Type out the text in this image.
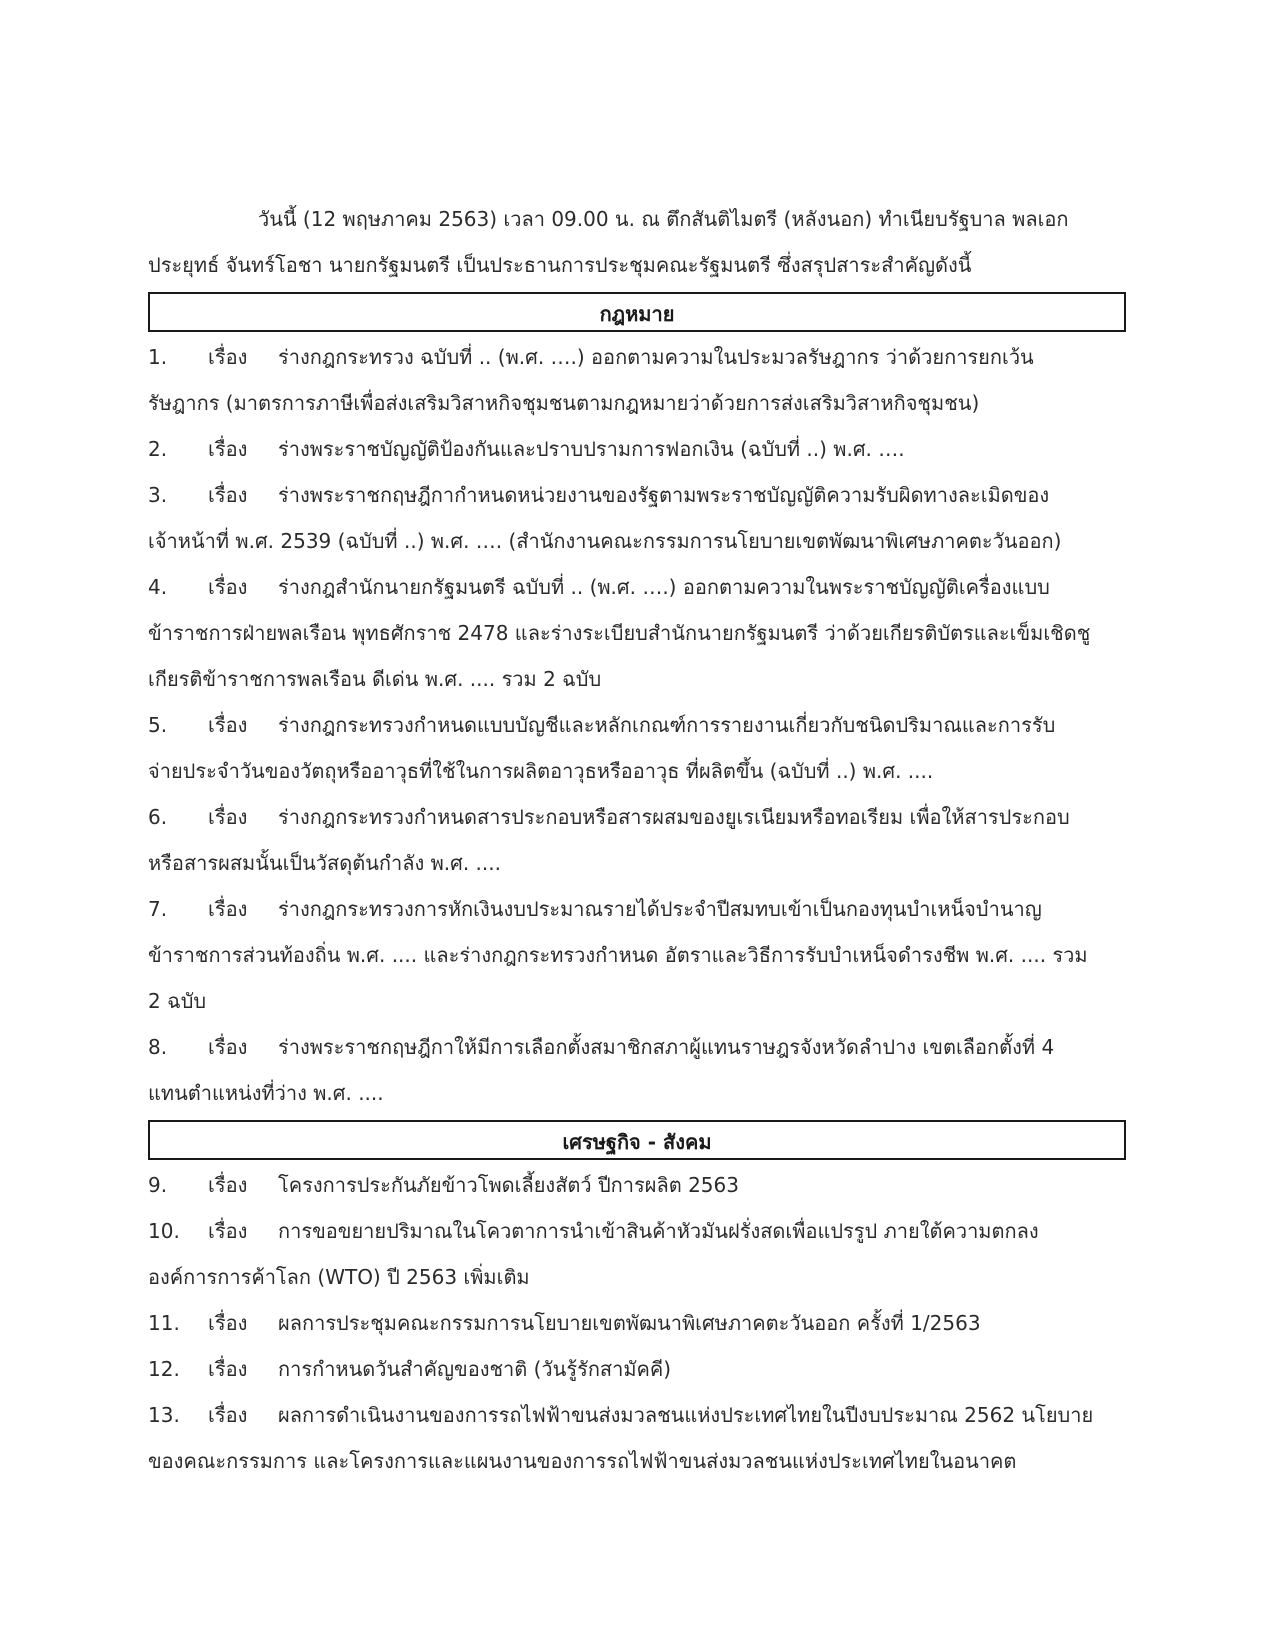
วันนี้ (12 พฤษภาคม 2563) เวลา 09.00 น. ณ ตึกสันติไมตรี (หลังนอก) ทำเนียบรัฐบาล พลเอก

ประยุทธ์ จันทร์โอชา นายกรัฐมนตรี เป็นประธานการประชุมคณะรัฐมนตรี ซึ่งสรุปสาระสำคัญดังนี้

กฎหมาย

1. เรื่อง ร่างกฎกระทรวง ฉบับที่ .. (พ.ศ. ….) ออกตามความในประมวลรัษฎากร ว่าด้วยการยกเว้น

รัษฎากร (มาตรการภาษีเพื่อส่งเสริมวิสาหกิจชุมชนตามกฎหมายว่าด้วยการส่งเสริมวิสาหกิจชุมชน)

2. เรื่อง ร่างพระราชบัญญัติป้องกันและปราบปรามการฟอกเงิน (ฉบับที่ ..) พ.ศ. ….

3. เรื่อง ร่างพระราชกฤษฎีกากำหนดหน่วยงานของรัฐตามพระราชบัญญัติความรับผิดทางละเมิดของ

เจ้าหน้าที่ พ.ศ. 2539 (ฉบับที่ ..) พ.ศ. …. (สำนักงานคณะกรรมการนโยบายเขตพัฒนาพิเศษภาคตะวันออก)

4. เรื่อง ร่างกฎสำนักนายกรัฐมนตรี ฉบับที่ .. (พ.ศ. ….) ออกตามความในพระราชบัญญัติเครื่องแบบ

ข้าราชการฝ่ายพลเรือน พุทธศักราช 2478 และร่างระเบียบสำนักนายกรัฐมนตรี ว่าด้วยเกียรติบัตรและเข็มเชิดชู

เกียรติข้าราชการพลเรือน ดีเด่น พ.ศ. .... รวม 2 ฉบับ

5. เรื่อง ร่างกฎกระทรวงกำหนดแบบบัญชีและหลักเกณฑ์การรายงานเกี่ยวกับชนิดปริมาณและการรับ

จ่ายประจำวันของวัตถุหรืออาวุธที่ใช้ในการผลิตอาวุธหรืออาวุธ ที่ผลิตขึ้น (ฉบับที่ ..) พ.ศ. ....

6. เรื่อง ร่างกฎกระทรวงกำหนดสารประกอบหรือสารผสมของยูเรเนียมหรือทอเรียม เพื่อให้สารประกอบ

หรือสารผสมนั้นเป็นวัสดุต้นกำลัง พ.ศ. ....

7. เรื่อง ร่างกฎกระทรวงการหักเงินงบประมาณรายได้ประจำปีสมทบเข้าเป็นกองทุนบำเหน็จบำนาญ

ข้าราชการส่วนท้องถิ่น พ.ศ. .... และร่างกฎกระทรวงกำหนด อัตราและวิธีการรับบำเหน็จดำรงชีพ พ.ศ. .... รวม

2 ฉบับ

8. เรื่อง ร่างพระราชกฤษฎีกาให้มีการเลือกตั้งสมาชิกสภาผู้แทนราษฎรจังหวัดลำปาง เขตเลือกตั้งที่ 4

แทนตำแหน่งที่ว่าง พ.ศ. ....

เศรษฐกิจ - สังคม

9. เรื่อง โครงการประกันภัยข้าวโพดเลี้ยงสัตว์ ปีการผลิต 2563

10. เรื่อง การขอขยายปริมาณในโควตาการนำเข้าสินค้าหัวมันฝรั่งสดเพื่อแปรรูป ภายใต้ความตกลง

องค์การการค้าโลก (WTO) ปี 2563 เพิ่มเติม

11. เรื่อง ผลการประชุมคณะกรรมการนโยบายเขตพัฒนาพิเศษภาคตะวันออก ครั้งที่ 1/2563

12. เรื่อง การกำหนดวันสำคัญของชาติ (วันรู้รักสามัคคี)

13. เรื่อง ผลการดำเนินงานของการรถไฟฟ้าขนส่งมวลชนแห่งประเทศไทยในปีงบประมาณ 2562 นโยบาย

ของคณะกรรมการ และโครงการและแผนงานของการรถไฟฟ้าขนส่งมวลชนแห่งประเทศไทยในอนาคต
